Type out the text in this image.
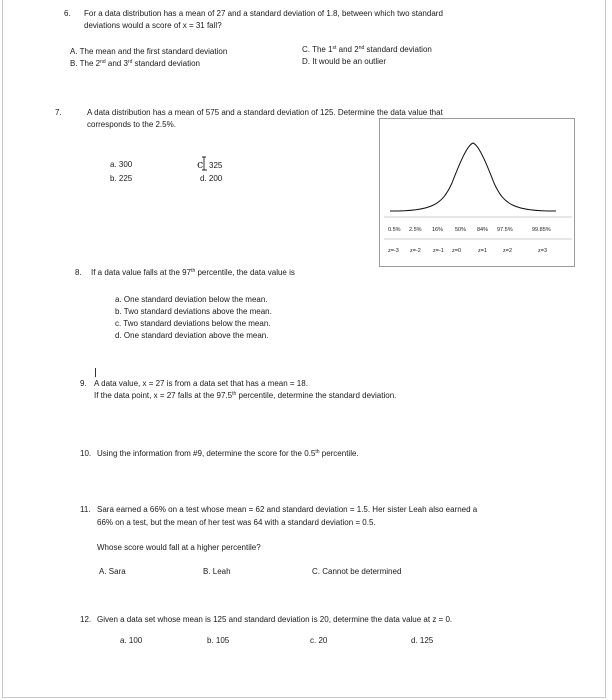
6. For a data distribution has a mean of 27 and a standard deviation of 1.8, between which two standard
deviations would a score of x = 31 fall?
A. The mean and the first standard deviation
B. The 2nd and 3rd standard deviation
C. The 1st and 2nd standard deviation
D. It would be an outlier
7.	A data distribution has a mean of 575 and a standard deviation of 125. Determine the data value that
corresponds to the 2.5%.
a. 300
b. 225
c 325
d. 200
0.5% 2.5% 16% 50% 84% 97.5%	99.85%
z=-3 z=-2 z=-1 z=0	z=1	z=2	z=3
8. If a data value falls at the 97th percentile, the data value is
a. One standard deviation below the mean.
b. Two standard deviations above the mean.
c. Two standard deviations below the mean.
d. One standard deviation above the mean.
9. A data value, x = 27 is from a data set that has a mean = 18.
If the data point, x = 27 falls at the 97.5th percentile, determine the standard deviation.
10. Using the information from #9, determine the score for the 0.5th percentile.
11. Sara earned a 66% on a test whose mean = 62 and standard deviation = 1.5. Her sister Leah also earned a
66% on a test, but the mean of her test was 64 with a standard deviation = 0.5.
Whose score would fall at a higher percentile?
A. Sara	B. Leah	C. Cannot be determined
12. Given a data set whose mean is 125 and standard deviation is 20, determine the data value at z = 0.
a. 100	b. 105	c. 20	d. 125
